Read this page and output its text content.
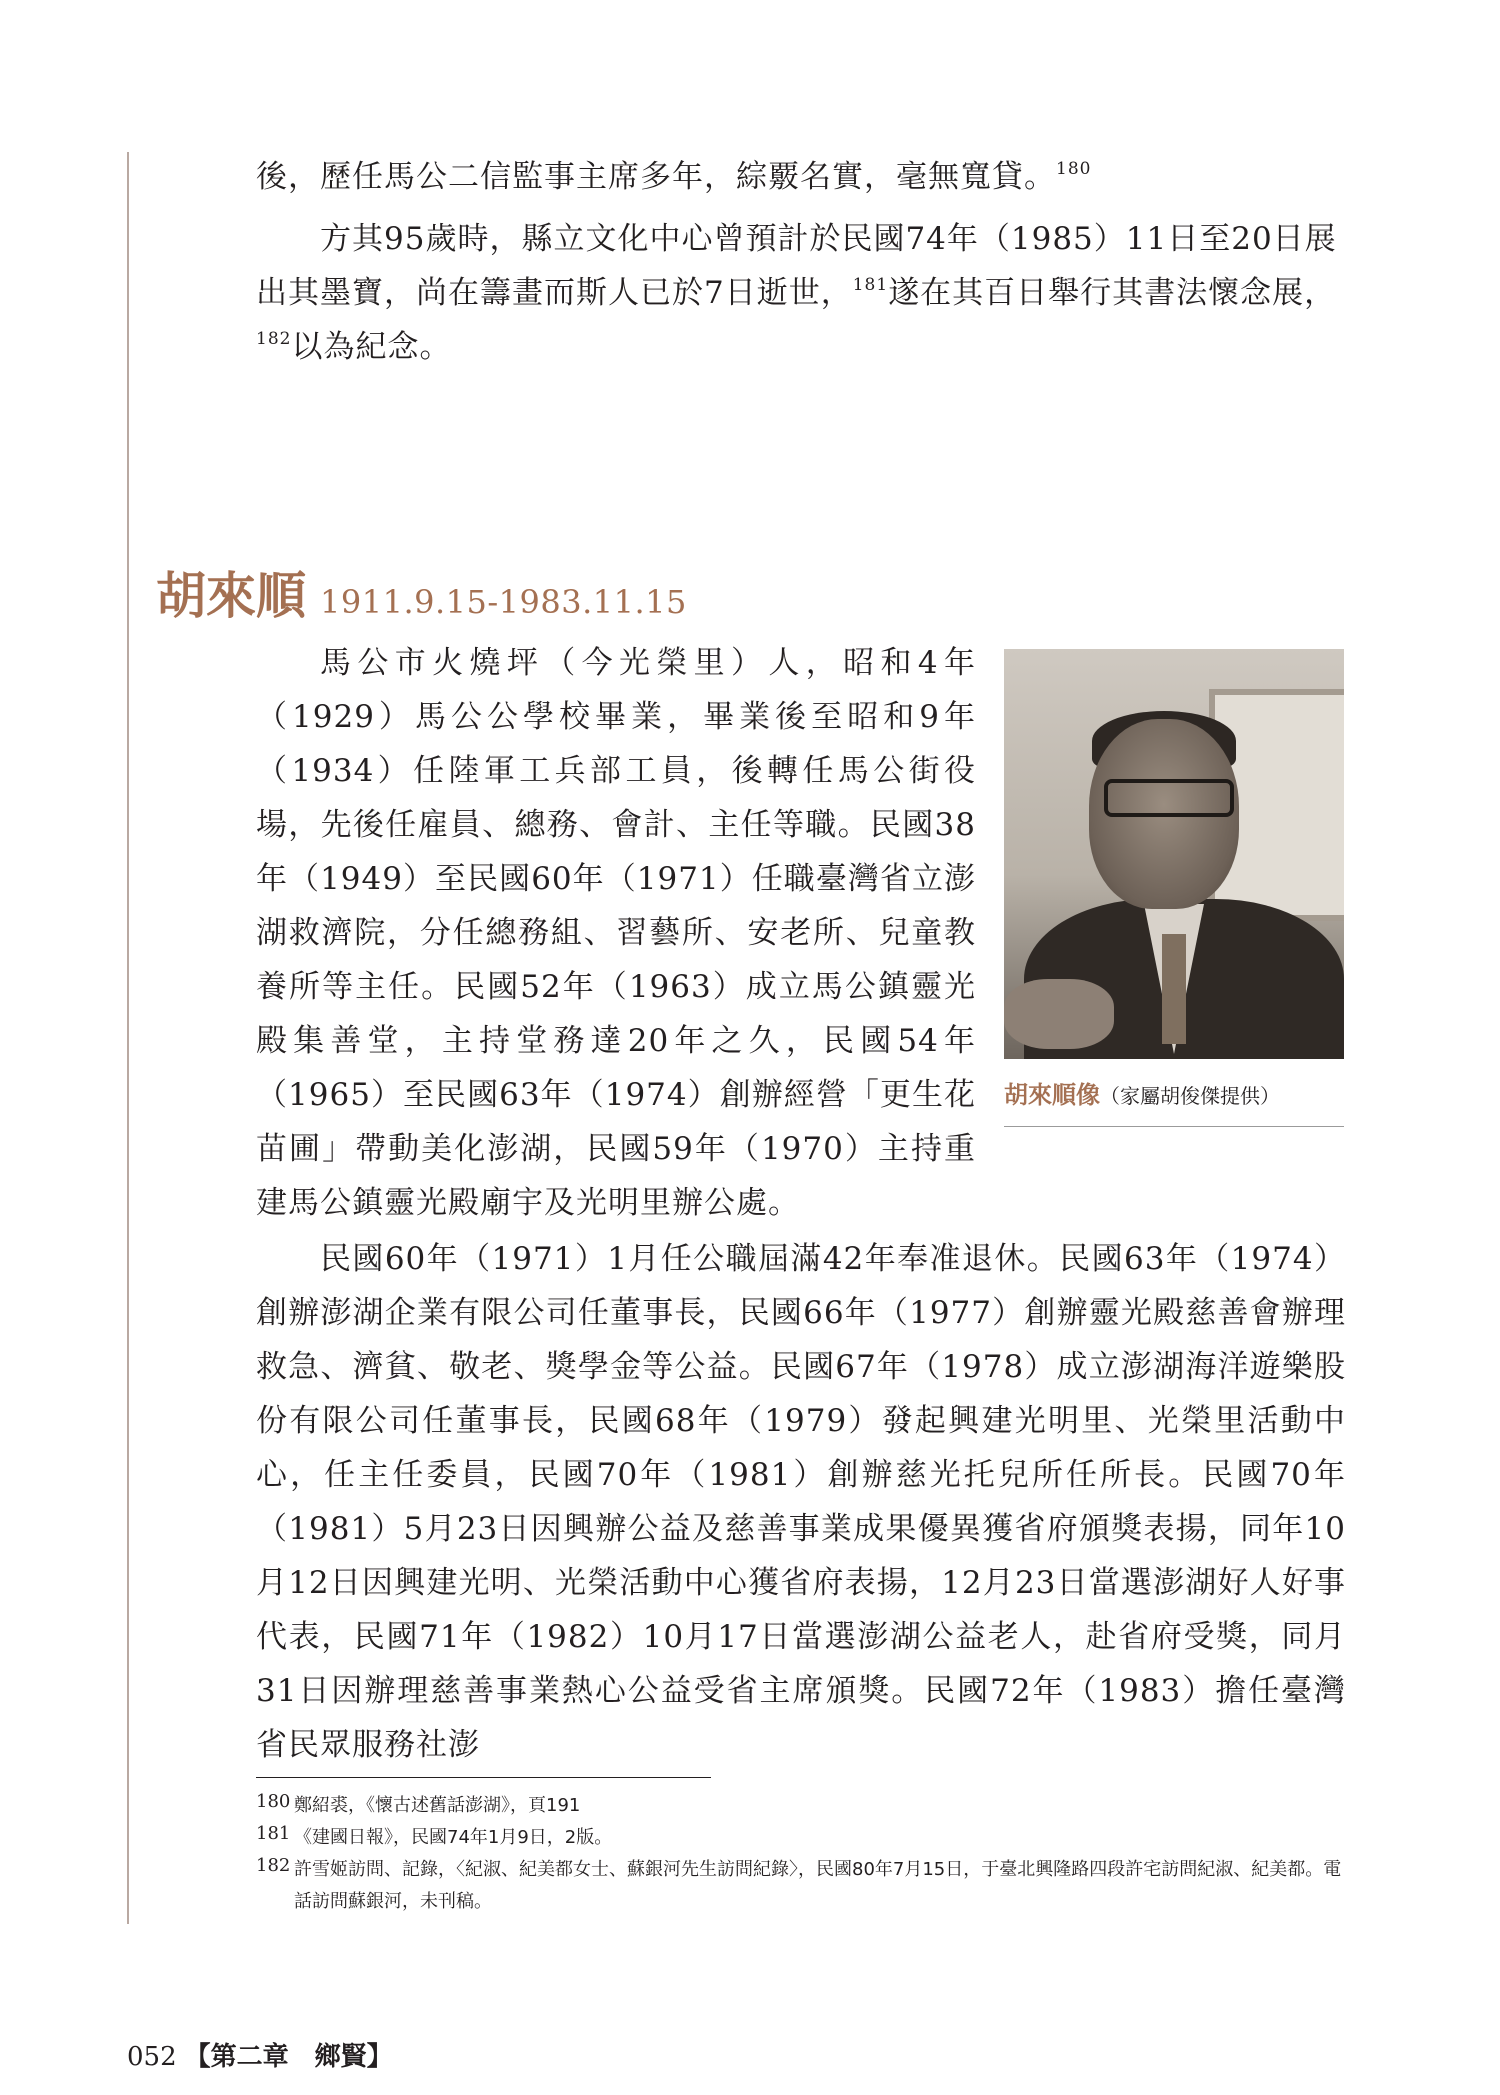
後，歷任馬公二信監事主席多年，綜覈名實，毫無寬貸。$^{180}$

方其95歲時，縣立文化中心曾預計於民國74年（1985）11日至20日展出其墨寶，尚在籌畫而斯人已於7日逝世，$^{181}$遂在其百日舉行其書法懷念展，$^{182}$以為紀念。

胡來順 1911.9.15-1983.11.15

馬公市火燒坪（今光榮里）人，昭和4年（1929）馬公公學校畢業，畢業後至昭和9年（1934）任陸軍工兵部工員，後轉任馬公街役場，先後任雇員、總務、會計、主任等職。民國38年（1949）至民國60年（1971）任職臺灣省立澎湖救濟院，分任總務組、習藝所、安老所、兒童教養所等主任。民國52年（1963）成立馬公鎮靈光殿集善堂，主持堂務達20年之久，民國54年（1965）至民國63年（1974）創辦經營「更生花苗圃」帶動美化澎湖，民國59年（1970）主持重建馬公鎮靈光殿廟宇及光明里辦公處。

胡來順像（家屬胡俊傑提供）

民國60年（1971）1月任公職屆滿42年奉准退休。民國63年（1974）創辦澎湖企業有限公司任董事長，民國66年（1977）創辦靈光殿慈善會辦理救急、濟貧、敬老、獎學金等公益。民國67年（1978）成立澎湖海洋遊樂股份有限公司任董事長，民國68年（1979）發起興建光明里、光榮里活動中心，任主任委員，民國70年（1981）創辦慈光托兒所任所長。民國70年（1981）5月23日因興辦公益及慈善事業成果優異獲省府頒獎表揚，同年10月12日因興建光明、光榮活動中心獲省府表揚，12月23日當選澎湖好人好事代表，民國71年（1982）10月17日當選澎湖公益老人，赴省府受獎，同月31日因辦理慈善事業熱心公益受省主席頒獎。民國72年（1983）擔任臺灣省民眾服務社澎

180 鄭紹裘，《懷古述舊話澎湖》，頁191

181 《建國日報》，民國74年1月9日，2版。

182 許雪姬訪問、記錄，〈紀淑、紀美都女士、蘇銀河先生訪問紀錄〉，民國80年7月15日，于臺北興隆路四段許宅訪問紀淑、紀美都。電話訪問蘇銀河，未刊稿。

052 【第二章　鄉賢】
